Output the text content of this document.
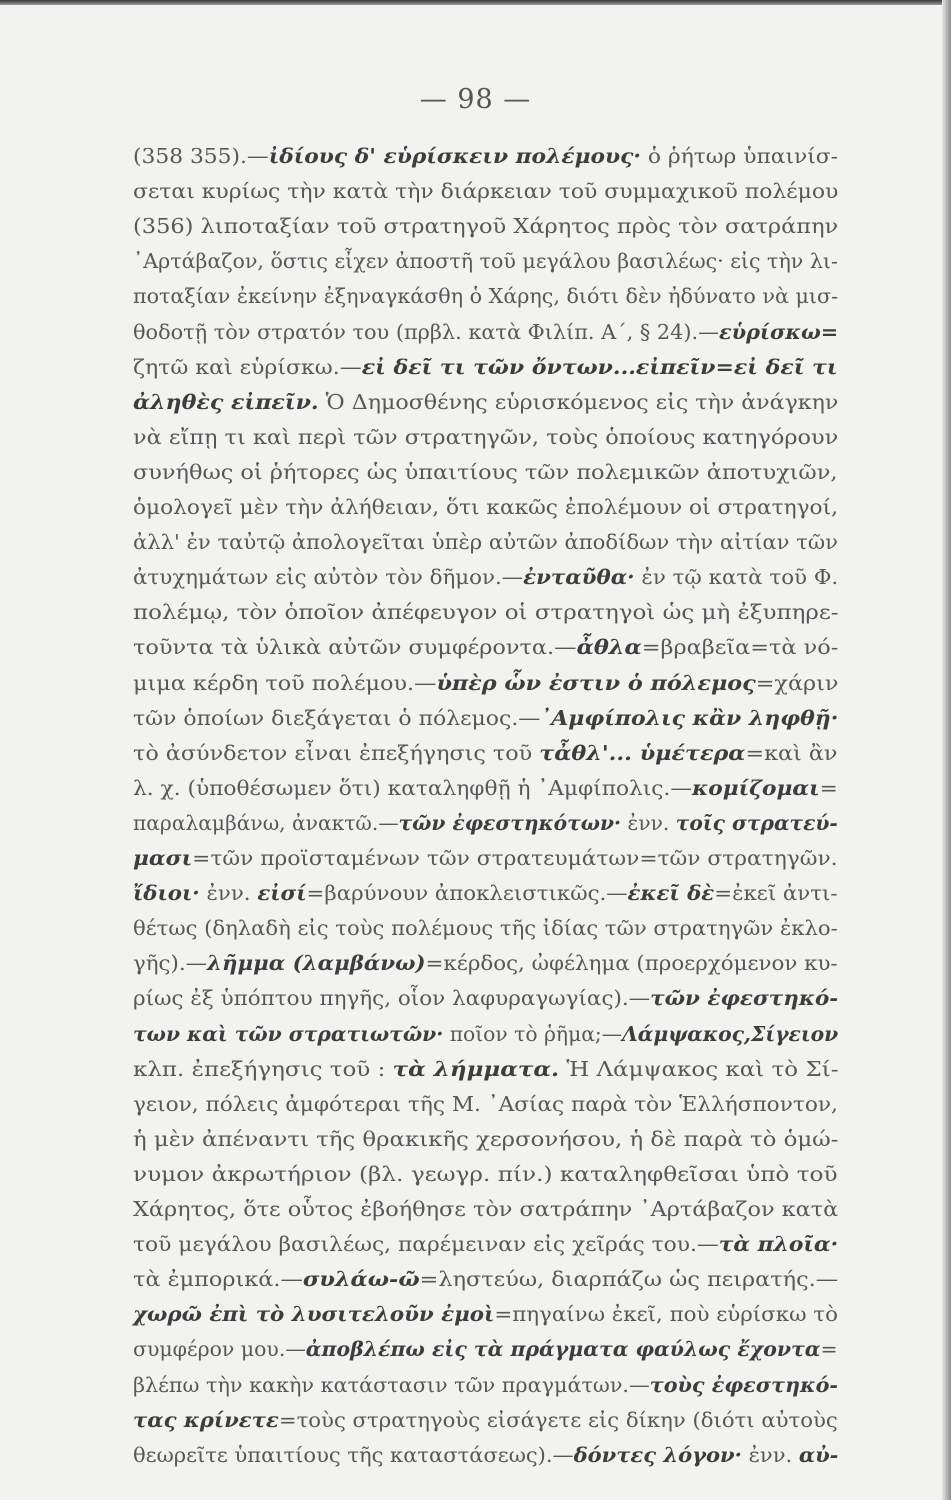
— 98 —
(358 355).—ἰδίους δ' εὑρίσκειν πολέμους· ὁ ῥήτωρ ὑπαινίσ-
σεται κυρίως τὴν κατὰ τὴν διάρκειαν τοῦ συμμαχικοῦ πολέμου
(356) λιποταξίαν τοῦ στρατηγοῦ Χάρητος πρὸς τὸν σατράπην
᾿Αρτάβαζον, ὅστις εἶχεν ἀποστῆ τοῦ μεγάλου βασιλέως· εἰς τὴν λι-
ποταξίαν ἐκείνην ἐξηναγκάσθη ὁ Χάρης, διότι δὲν ἠδύνατο νὰ μισ-
θοδοτῇ τὸν στρατόν του (πρβλ. κατὰ Φιλίπ. Α΄, § 24).—εὑρίσκω=
ζητῶ καὶ εὑρίσκω.—εἰ δεῖ τι τῶν ὄντων...εἰπεῖν=εἰ δεῖ τι
ἀληθὲς εἰπεῖν. Ὁ Δημοσθένης εὑρισκόμενος εἰς τὴν ἀνάγκην
νὰ εἴπῃ τι καὶ περὶ τῶν στρατηγῶν, τοὺς ὁποίους κατηγόρουν
συνήθως οἱ ῥήτορες ὡς ὑπαιτίους τῶν πολεμικῶν ἀποτυχιῶν,
ὁμολογεῖ μὲν τὴν ἀλήθειαν, ὅτι κακῶς ἐπολέμουν οἱ στρατηγοί,
ἀλλ' ἐν ταὐτῷ ἀπολογεῖται ὑπὲρ αὐτῶν ἀποδίδων τὴν αἰτίαν τῶν
ἀτυχημάτων εἰς αὐτὸν τὸν δῆμον.—ἐνταῦθα· ἐν τῷ κατὰ τοῦ Φ.
πολέμῳ, τὸν ὁποῖον ἀπέφευγον οἱ στρατηγοὶ ὡς μὴ ἐξυπηρε-
τοῦντα τὰ ὑλικὰ αὐτῶν συμφέροντα.—ἆθλα=βραβεῖα=τὰ νό-
μιμα κέρδη τοῦ πολέμου.—ὑπὲρ ὧν ἐστιν ὁ πόλεμος=χάριν
τῶν ὁποίων διεξάγεται ὁ πόλεμος.—᾿Αμφίπολις κἂν ληφθῇ·
τὸ ἀσύνδετον εἶναι ἐπεξήγησις τοῦ τἆθλ'... ὑμέτερα=καὶ ἂν
λ. χ. (ὑποθέσωμεν ὅτι) καταληφθῇ ἡ ᾿Αμφίπολις.—κομίζομαι=
παραλαμβάνω, ἀνακτῶ.—τῶν ἐφεστηκότων· ἐνν. τοῖς στρατεύ-
μασι=τῶν προϊσταμένων τῶν στρατευμάτων=τῶν στρατηγῶν.
ἴδιοι· ἐνν. εἰσί=βαρύνουν ἀποκλειστικῶς.—ἐκεῖ δὲ=ἐκεῖ ἀντι-
θέτως (δηλαδὴ εἰς τοὺς πολέμους τῆς ἰδίας τῶν στρατηγῶν ἐκλο-
γῆς).—λῆμμα (λαμβάνω)=κέρδος, ὠφέλημα (προερχόμενον κυ-
ρίως ἐξ ὑπόπτου πηγῆς, οἷον λαφυραγωγίας).—τῶν ἐφεστηκό-
των καὶ τῶν στρατιωτῶν· ποῖον τὸ ῥῆμα;—Λάμψακος,Σίγειον
κλπ. ἐπεξήγησις τοῦ : τὰ λήμματα. Ἡ Λάμψακος καὶ τὸ Σί-
γειον, πόλεις ἀμφότεραι τῆς Μ. ᾿Ασίας παρὰ τὸν Ἑλλήσποντον,
ἡ μὲν ἀπέναντι τῆς θρακικῆς χερσονήσου, ἡ δὲ παρὰ τὸ ὁμώ-
νυμον ἀκρωτήριον (βλ. γεωγρ. πίν.) καταληφθεῖσαι ὑπὸ τοῦ
Χάρητος, ὅτε οὗτος ἐβοήθησε τὸν σατράπην ᾿Αρτάβαζον κατὰ
τοῦ μεγάλου βασιλέως, παρέμειναν εἰς χεῖράς του.—τὰ πλοῖα·
τὰ ἐμπορικά.—συλάω-ῶ=ληστεύω, διαρπάζω ὡς πειρατής.—
χωρῶ ἐπὶ τὸ λυσιτελοῦν ἐμοὶ=πηγαίνω ἐκεῖ, ποὺ εὑρίσκω τὸ
συμφέρον μου.—ἀποβλέπω εἰς τὰ πράγματα φαύλως ἔχοντα=
βλέπω τὴν κακὴν κατάστασιν τῶν πραγμάτων.—τοὺς ἐφεστηκό-
τας κρίνετε=τοὺς στρατηγοὺς εἰσάγετε εἰς δίκην (διότι αὐτοὺς
θεωρεῖτε ὑπαιτίους τῆς καταστάσεως).—δόντες λόγον· ἐνν. αὐ-
